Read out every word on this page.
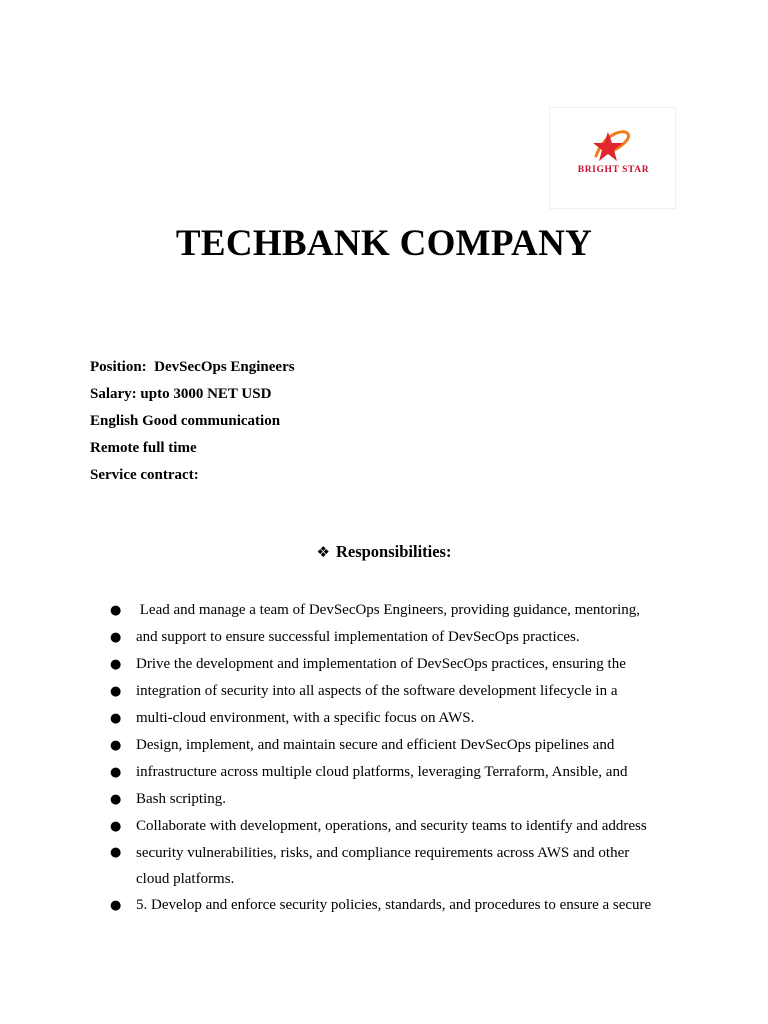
BRIGHT STAR
TECHBANK COMPANY
Position:  DevSecOps Engineers
Salary: upto 3000 NET USD
English Good communication
Remote full time
Service contract:
❖ Responsibilities:
● Lead and manage a team of DevSecOps Engineers, providing guidance, mentoring,
● and support to ensure successful implementation of DevSecOps practices.
● Drive the development and implementation of DevSecOps practices, ensuring the
● integration of security into all aspects of the software development lifecycle in a
● multi-cloud environment, with a specific focus on AWS.
● Design, implement, and maintain secure and efficient DevSecOps pipelines and
● infrastructure across multiple cloud platforms, leveraging Terraform, Ansible, and
● Bash scripting.
● Collaborate with development, operations, and security teams to identify and address
● security vulnerabilities, risks, and compliance requirements across AWS and other cloud platforms.
● 5. Develop and enforce security policies, standards, and procedures to ensure a secure
